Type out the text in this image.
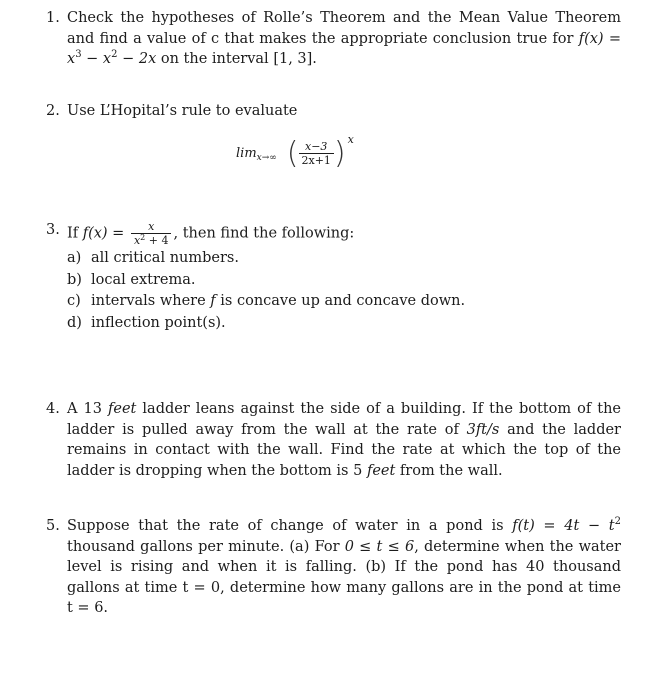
1. Check the hypotheses of Rolle’s Theorem and the Mean Value Theorem and find a value of c that makes the appropriate conclusion true for $f(x) = x^3 - x^2 - 2x$ on the interval [1, 3].
2. Use L’Hopital’s rule to evaluate
lim x→∞ ( $\frac{x-3}{2x+1}$ ) x
3. If $f(x) = \frac{x}{x^2 + 4}$ , then find the following:
a) all critical numbers.
b) local extrema.
c) intervals where f is concave up and concave down.
d) inflection point(s).
4. A 13 feet ladder leans against the side of a building. If the bottom of the ladder is pulled away from the wall at the rate of 3ft/s and the ladder remains in contact with the wall. Find the rate at which the top of the ladder is dropping when the bottom is 5 feet from the wall.
5. Suppose that the rate of change of water in a pond is $f(t) = 4t - t^2$ thousand gallons per minute. (a) For 0 ≤ t ≤ 6, determine when the water level is rising and when it is falling. (b) If the pond has 40 thousand gallons at time t = 0, determine how many gallons are in the pond at time t = 6.
